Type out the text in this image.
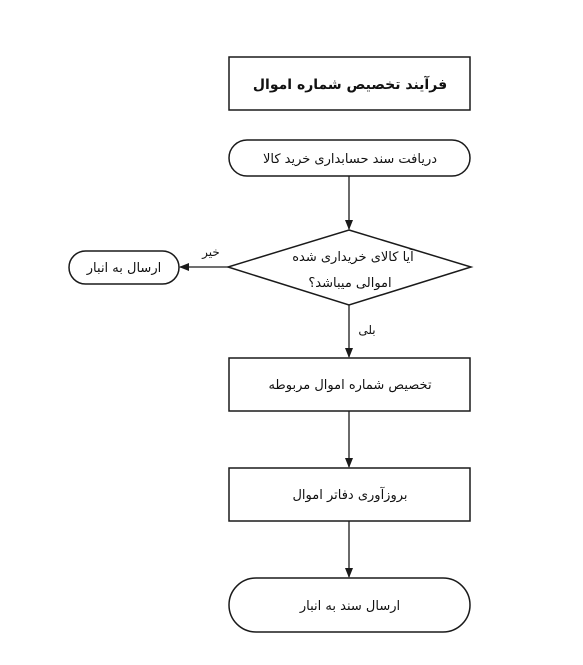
فرآیند تخصیص شماره اموال
دریافت سند حسابداری خرید کالا
آیا کالای خریداری شده
اموالی میباشد؟
خیر
ارسال به انبار
بلی
تخصیص شماره اموال مربوطه
بروزآوری دفاتر اموال
ارسال سند به انبار
